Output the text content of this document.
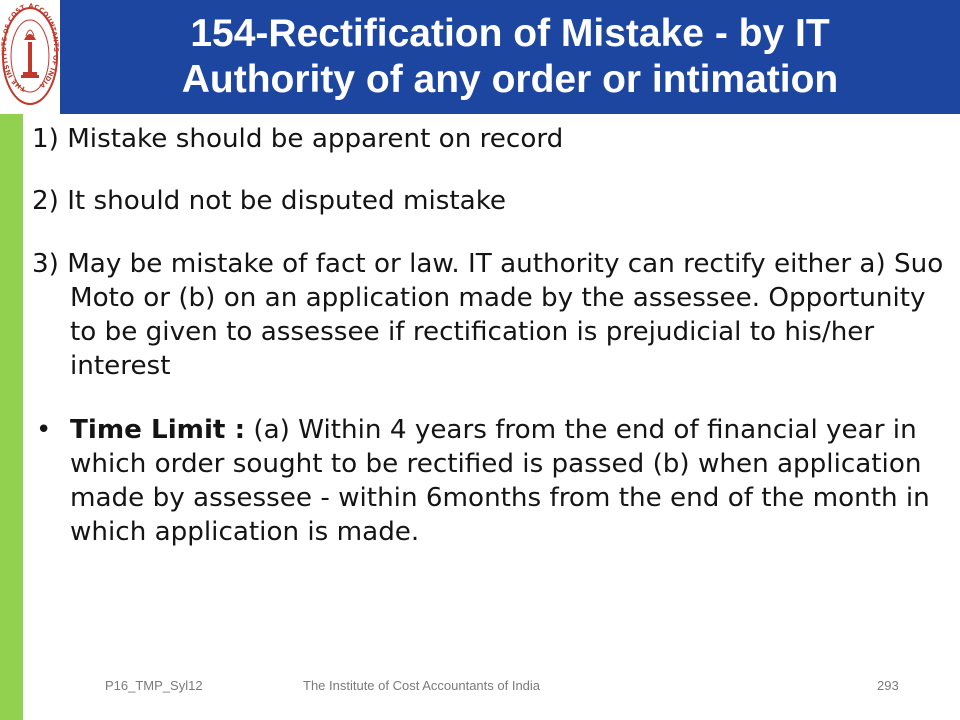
THE INSTITUTE OF COST ACCOUNTANTS OF INDIA
154-Rectification of Mistake - by IT
Authority of any order or intimation
1) Mistake should be apparent on record
2) It should not be disputed mistake
3) May be mistake of fact or law. IT authority can rectify either a) Suo Moto or (b) on an application made by the assessee. Opportunity to be given to assessee if rectification is prejudicial to his/her interest
• Time Limit : (a) Within 4 years from the end of financial year in which order sought to be rectified is passed (b) when application made by assessee - within 6months from the end of the month in which application is made.
P16_TMP_Syl12	The Institute of Cost Accountants of India	293
